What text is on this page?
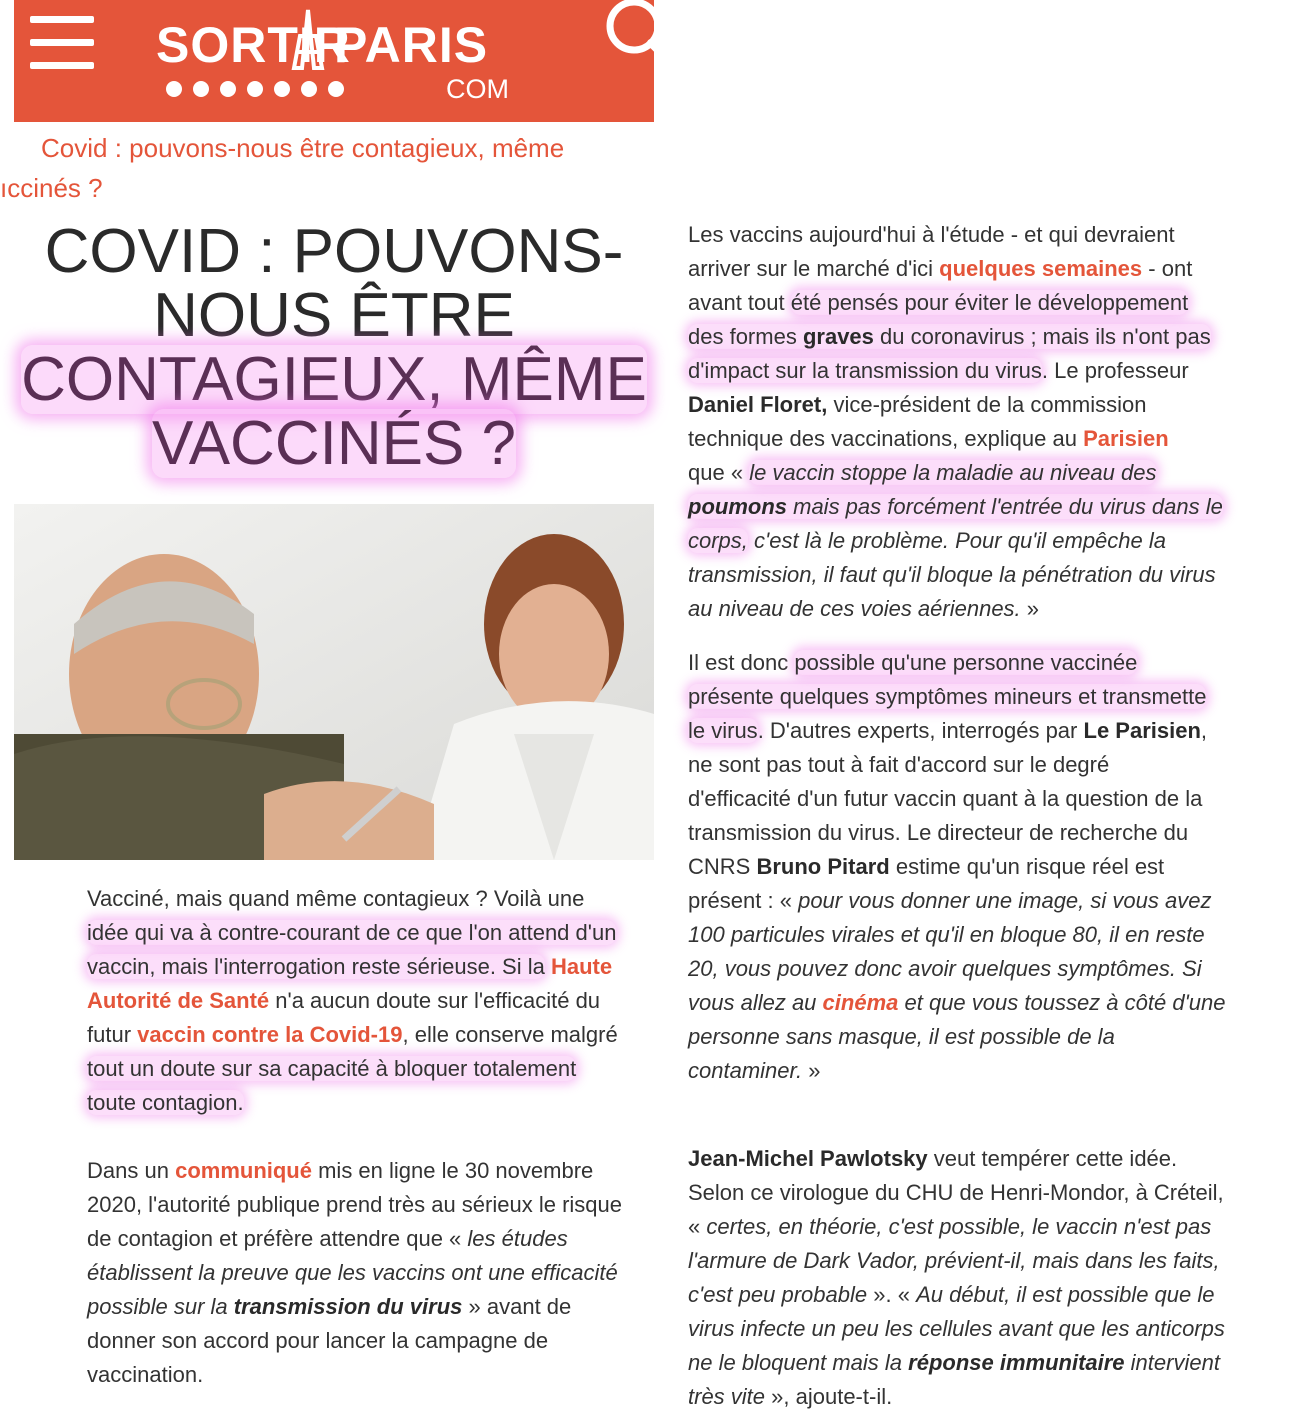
SORTIR
PARIS
COM
Covid : pouvons-nous être contagieux, même
ıccinés ?
COVID : POUVONS-
NOUS ÊTRE
CONTAGIEUX, MÊME
VACCINÉS ?

Vacciné, mais quand même contagieux ? Voilà une
idée qui va à contre-courant de ce que l'on attend d'un
vaccin, mais l'interrogation reste sérieuse. Si la Haute
Autorité de Santé n'a aucun doute sur l'efficacité du
futur vaccin contre la Covid-19, elle conserve malgré
tout un doute sur sa capacité à bloquer totalement
toute contagion.

Dans un communiqué mis en ligne le 30 novembre
2020, l'autorité publique prend très au sérieux le risque
de contagion et préfère attendre que « les études
établissent la preuve que les vaccins ont une efficacité
possible sur la transmission du virus » avant de
donner son accord pour lancer la campagne de
vaccination.

Les vaccins aujourd'hui à l'étude - et qui devraient
arriver sur le marché d'ici quelques semaines - ont
avant tout été pensés pour éviter le développement
des formes graves du coronavirus ; mais ils n'ont pas
d'impact sur la transmission du virus. Le professeur
Daniel Floret, vice-président de la commission
technique des vaccinations, explique au Parisien
que « le vaccin stoppe la maladie au niveau des
poumons mais pas forcément l'entrée du virus dans le
corps, c'est là le problème. Pour qu'il empêche la
transmission, il faut qu'il bloque la pénétration du virus
au niveau de ces voies aériennes. »

Il est donc possible qu'une personne vaccinée
présente quelques symptômes mineurs et transmette
le virus. D'autres experts, interrogés par Le Parisien,
ne sont pas tout à fait d'accord sur le degré
d'efficacité d'un futur vaccin quant à la question de la
transmission du virus. Le directeur de recherche du
CNRS Bruno Pitard estime qu'un risque réel est
présent : « pour vous donner une image, si vous avez
100 particules virales et qu'il en bloque 80, il en reste
20, vous pouvez donc avoir quelques symptômes. Si
vous allez au cinéma et que vous toussez à côté d'une
personne sans masque, il est possible de la
contaminer. »

Jean-Michel Pawlotsky veut tempérer cette idée.
Selon ce virologue du CHU de Henri-Mondor, à Créteil,
« certes, en théorie, c'est possible, le vaccin n'est pas
l'armure de Dark Vador, prévient-il, mais dans les faits,
c'est peu probable ». « Au début, il est possible que le
virus infecte un peu les cellules avant que les anticorps
ne le bloquent mais la réponse immunitaire intervient
très vite », ajoute-t-il.
